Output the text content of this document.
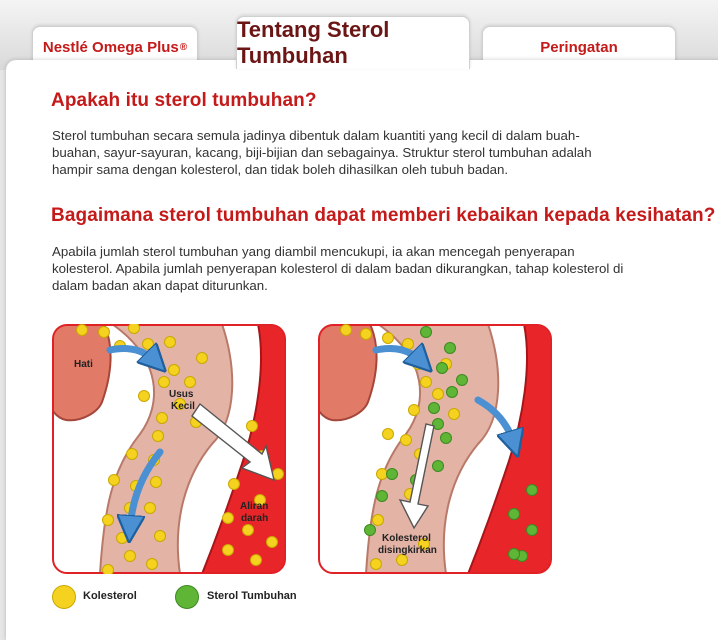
Nestlé Omega Plus ®
Tentang Sterol Tumbuhan	Peringatan
Apakah itu sterol tumbuhan?

Sterol tumbuhan secara semula jadinya dibentuk dalam kuantiti yang kecil di dalam buah-
buahan, sayur-sayuran, kacang, biji-bijian dan sebagainya. Struktur sterol tumbuhan adalah
hampir sama dengan kolesterol, dan tidak boleh dihasilkan oleh tubuh badan.

Bagaimana sterol tumbuhan dapat memberi kebaikan kepada kesihatan?

Apabila jumlah sterol tumbuhan yang diambil mencukupi, ia akan mencegah penyerapan
kolesterol. Apabila jumlah penyerapan kolesterol di dalam badan dikurangkan, tahap kolesterol di
dalam badan akan dapat diturunkan.

Hati
Usus
Kecil
Aliran
darah
Kolesterol
disingkirkan
Kolesterol	Sterol Tumbuhan
